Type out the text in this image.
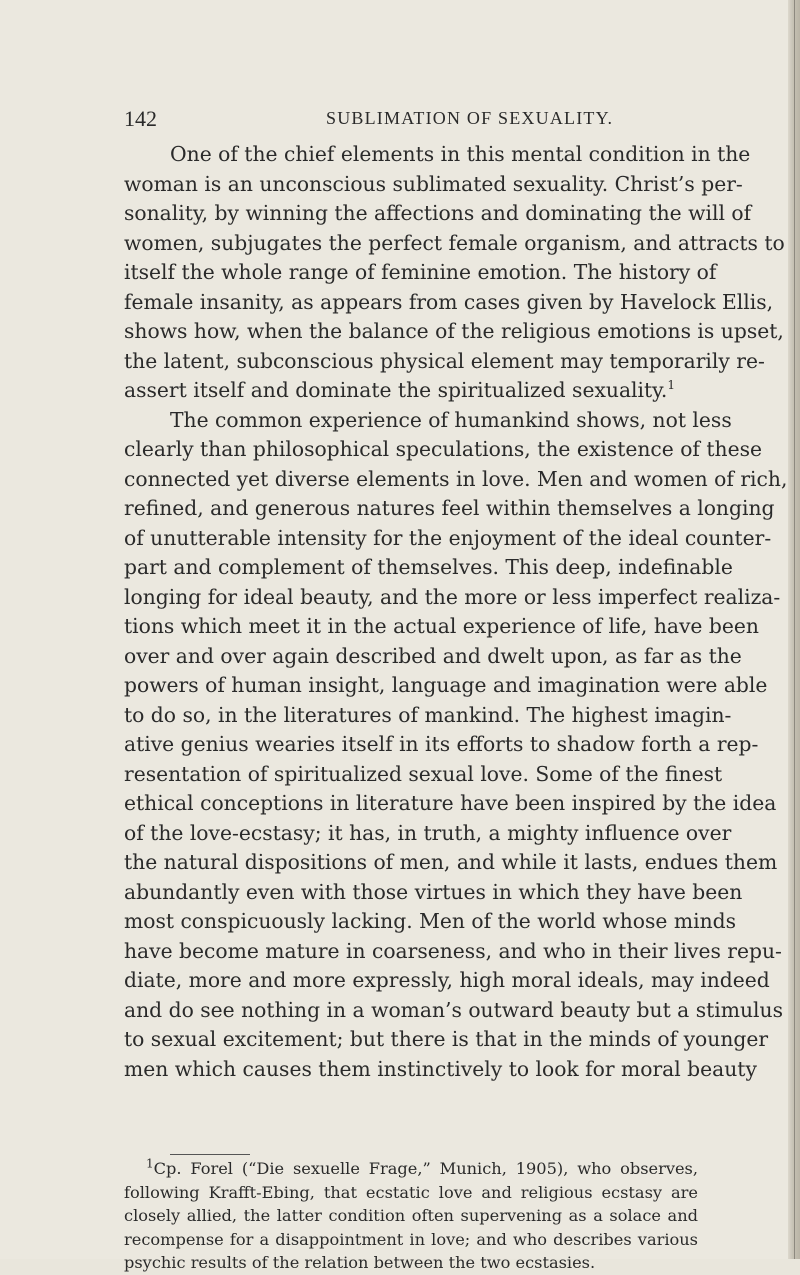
142	SUBLIMATION OF SEXUALITY.
One of the chief elements in this mental condition in the
woman is an unconscious sublimated sexuality. Christ’s per-
sonality, by winning the affections and dominating the will of
women, subjugates the perfect female organism, and attracts to
itself the whole range of feminine emotion. The history of
female insanity, as appears from cases given by Havelock Ellis,
shows how, when the balance of the religious emotions is upset,
the latent, subconscious physical element may temporarily re-
assert itself and dominate the spiritualized sexuality.$^1$
The common experience of humankind shows, not less
clearly than philosophical speculations, the existence of these
connected yet diverse elements in love. Men and women of rich,
refined, and generous natures feel within themselves a longing
of unutterable intensity for the enjoyment of the ideal counter-
part and complement of themselves. This deep, indefinable
longing for ideal beauty, and the more or less imperfect realiza-
tions which meet it in the actual experience of life, have been
over and over again described and dwelt upon, as far as the
powers of human insight, language and imagination were able
to do so, in the literatures of mankind. The highest imagin-
ative genius wearies itself in its efforts to shadow forth a rep-
resentation of spiritualized sexual love. Some of the finest
ethical conceptions in literature have been inspired by the idea
of the love-ecstasy; it has, in truth, a mighty influence over
the natural dispositions of men, and while it lasts, endues them
abundantly even with those virtues in which they have been
most conspicuously lacking. Men of the world whose minds
have become mature in coarseness, and who in their lives repu-
diate, more and more expressly, high moral ideals, may indeed
and do see nothing in a woman’s outward beauty but a stimulus
to sexual excitement; but there is that in the minds of younger
men which causes them instinctively to look for moral beauty
$^1$Cp. Forel (“Die sexuelle Frage,” Munich, 1905), who observes,
following Krafft-Ebing, that ecstatic love and religious ecstasy are
closely allied, the latter condition often supervening as a solace and
recompense for a disappointment in love; and who describes various
psychic results of the relation between the two ecstasies.
